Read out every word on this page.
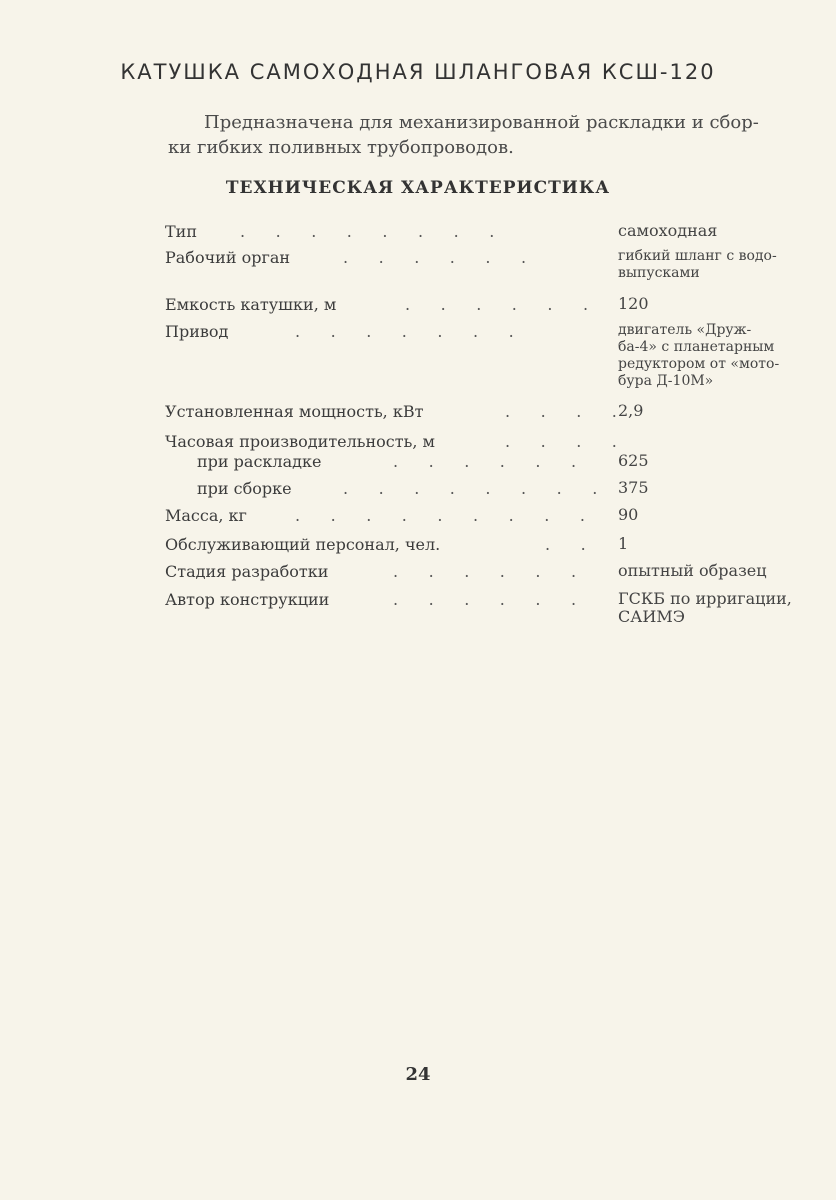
КАТУШКА САМОХОДНАЯ ШЛАНГОВАЯ КСШ-120
Предназначена для механизированной раскладки и сбор-
ки гибких поливных трубопроводов.
ТЕХНИЧЕСКАЯ ХАРАКТЕРИСТИКА
Тип	.      .      .      .      .      .      .      .	самоходная
Рабочий орган	.      .      .      .      .      .	гибкий шланг с водо-
выпусками
Емкость катушки, м	.      .      .      .      .      . 120
Привод	.      .      .      .      .      .      .	двигатель «Друж-
ба-4» с планетарным
редуктором от «мото-
бура Д-10М»
Установленная мощность, кВт	.      .      .      . 2,9
Часовая производительность, м	.      .      .      .
при раскладке	.      .      .      .      .      .	625
при сборке	.      .      .      .      .      .      .      . 375
Масса, кг	.      .      .      .      .      .      .      .      . 90
Обслуживающий персонал, чел.	.      . 1
Стадия разработки	.      .      .      .      .      .	опытный образец
Автор конструкции	.      .      .      .      .      .	ГСКБ по ирригации,
САИМЭ
24
